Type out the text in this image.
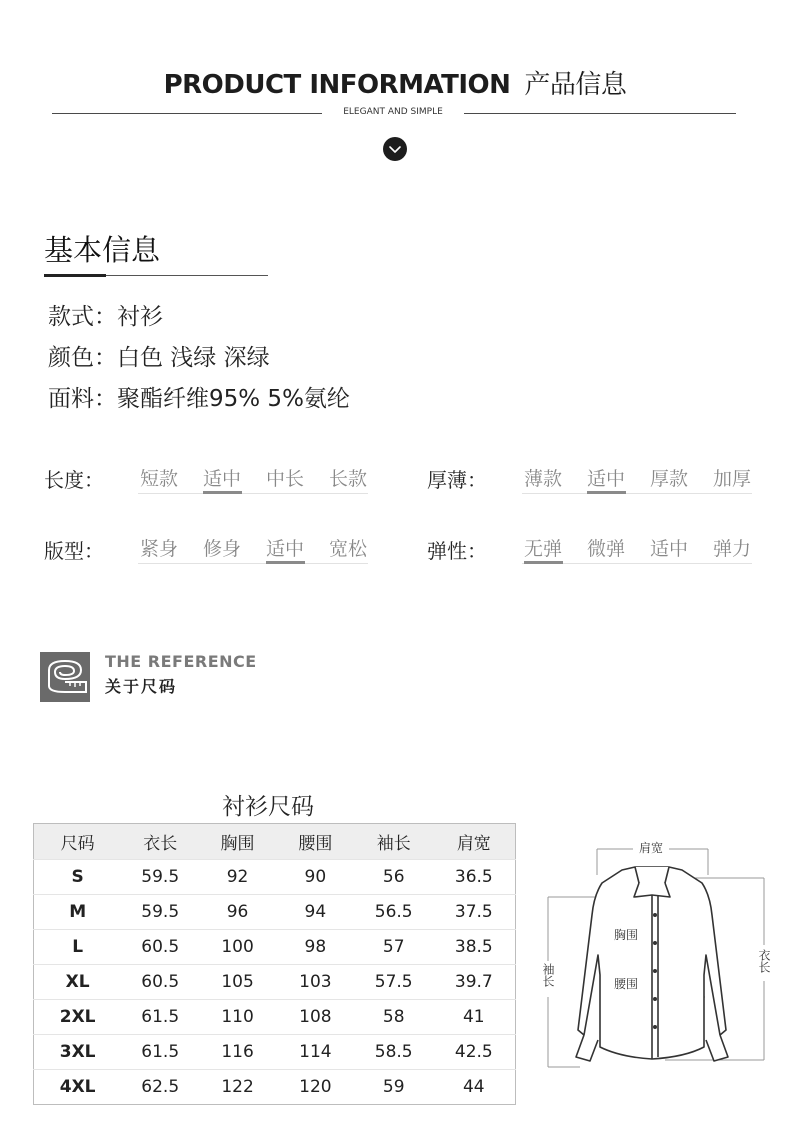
PRODUCT INFORMATION 产品信息
ELEGANT AND SIMPLE
基本信息
款式：衬衫
颜色：白色 浅绿 深绿
面料：聚酯纤维95% 5%氨纶
长度： 短款 适中 中长 长款	厚薄： 薄款 适中 厚款 加厚
版型： 紧身 修身 适中 宽松	弹性： 无弹 微弹 适中 弹力
THE REFERENCE
关于尺码
衬衫尺码
尺码	衣长	胸围	腰围	袖长	肩宽
S	59.5	92	90	56	36.5
M	59.5	96	94	56.5	37.5
L	60.5	100	98	57	38.5
XL	60.5	105	103	57.5	39.7
2XL	61.5	110	108	58	41
3XL	61.5	116	114	58.5	42.5
4XL	62.5	122	120	59	44
肩宽
胸围
腰围
袖长
衣长
